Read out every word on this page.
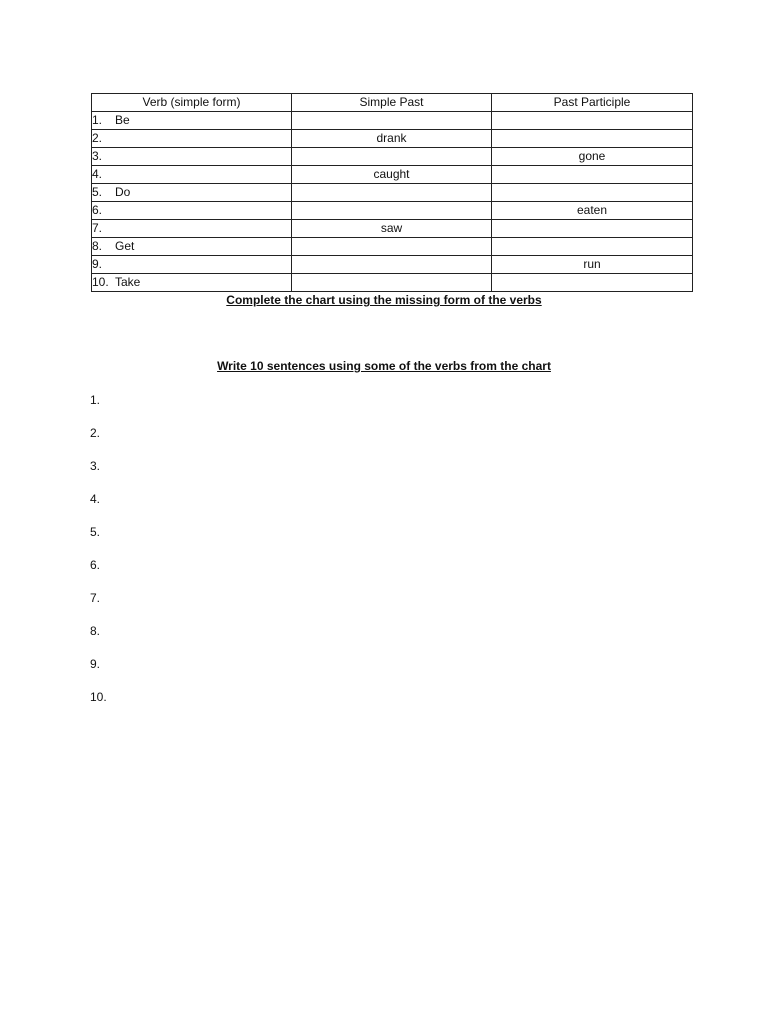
Verb (simple form)	Simple Past	Past Participle
1. Be		
2.	drank	
3.		gone
4.	caught	
5. Do		
6.		eaten
7.	saw	
8. Get		
9.		run
10. Take		
Complete the chart using the missing form of the verbs
Write 10 sentences using some of the verbs from the chart
1.
2.
3.
4.
5.
6.
7.
8.
9.
10.
